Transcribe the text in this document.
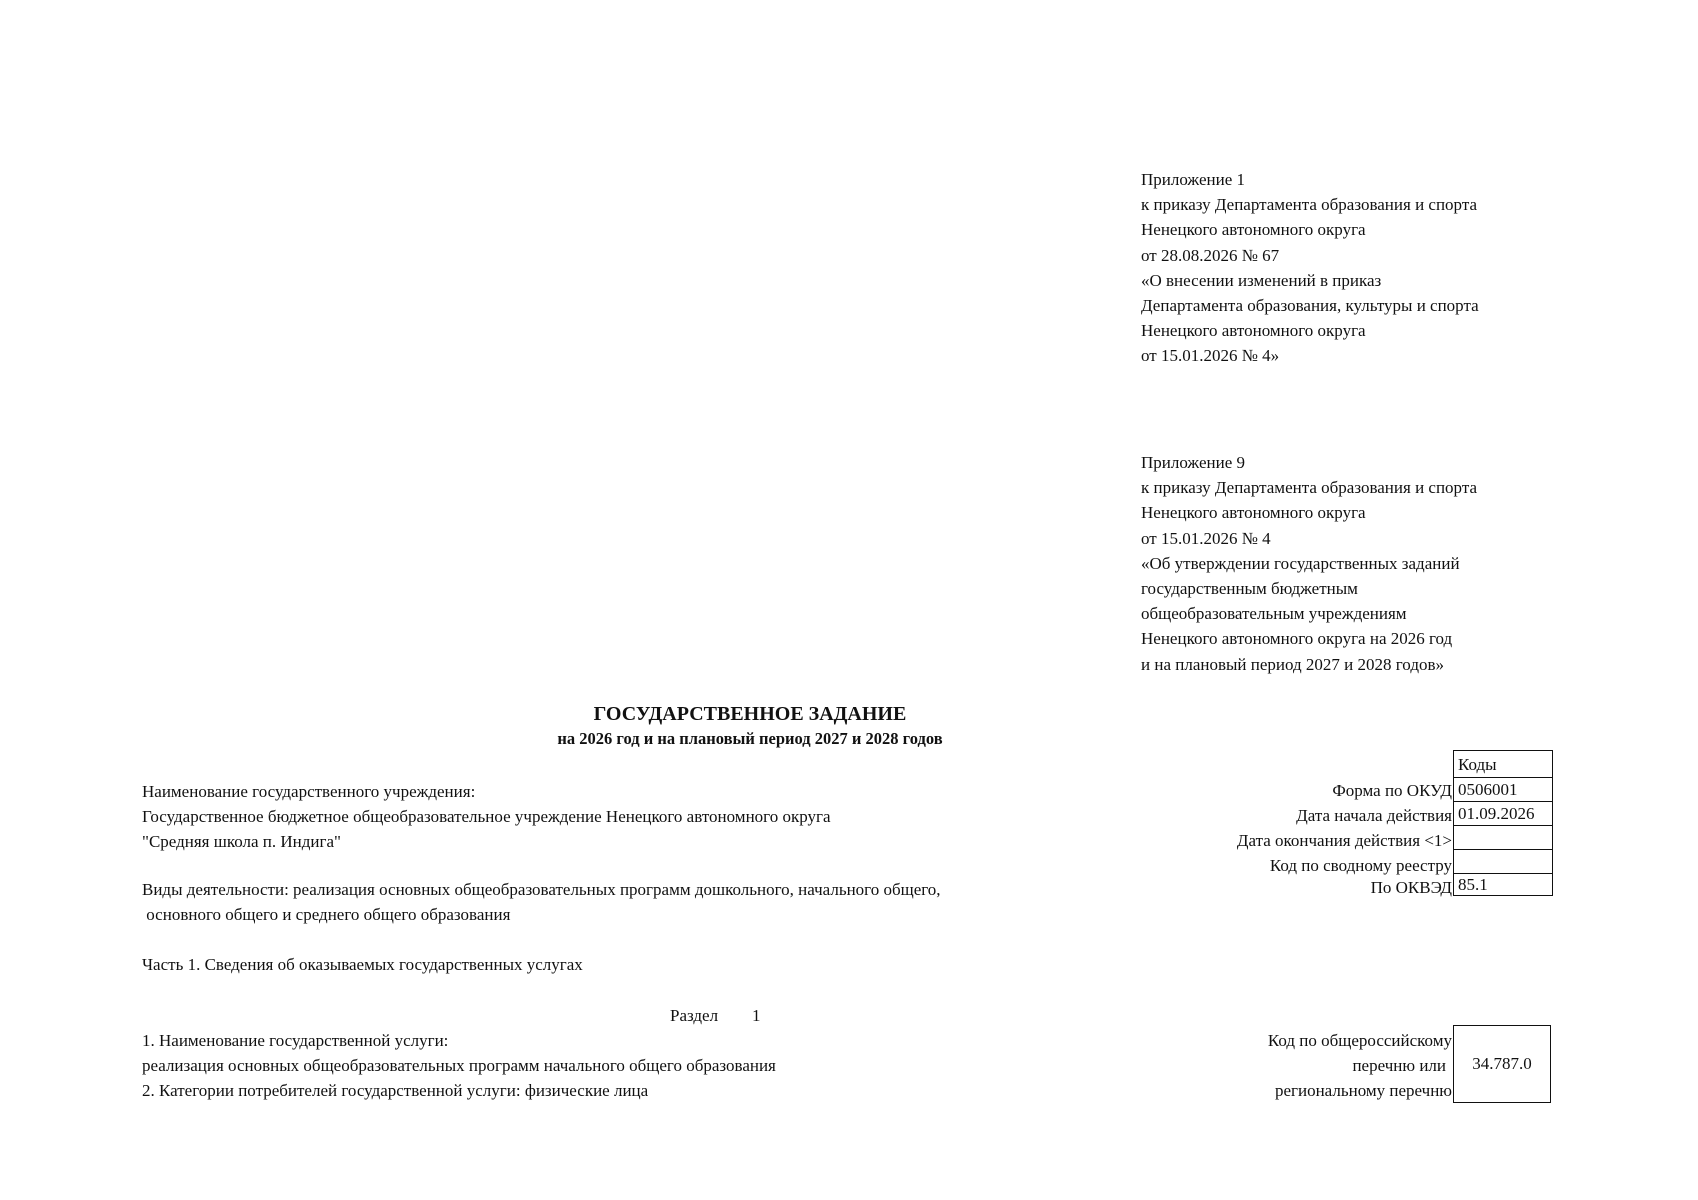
Приложение 1
к приказу Департамента образования и спорта
Ненецкого автономного округа
от 28.08.2026 № 67
«О внесении изменений в приказ
Департамента образования, культуры и спорта
Ненецкого автономного округа
от 15.01.2026 № 4»
Приложение 9
к приказу Департамента образования и спорта
Ненецкого автономного округа
от 15.01.2026 № 4
«Об утверждении государственных заданий
государственным бюджетным
общеобразовательным учреждениям
Ненецкого автономного округа на 2026 год
и на плановый период 2027 и 2028 годов»
ГОСУДАРСТВЕННОЕ ЗАДАНИЕ
на 2026 год и на плановый период 2027 и 2028 годов
Наименование государственного учреждения:
Государственное бюджетное общеобразовательное учреждение Ненецкого автономного округа
"Средняя школа п. Индига"
Виды деятельности: реализация основных общеобразовательных программ дошкольного, начального общего,
основного общего и среднего общего образования
Часть 1. Сведения об оказываемых государственных услугах
Раздел 1
1. Наименование государственной услуги:
реализация основных общеобразовательных программ начального общего образования
2. Категории потребителей государственной услуги: физические лица
Форма по ОКУД
Дата начала действия
Дата окончания действия <1>
Код по сводному реестру
По ОКВЭД
Коды
0506001
01.09.2026
85.1
Код по общероссийскому
перечню или
региональному перечню
34.787.0
